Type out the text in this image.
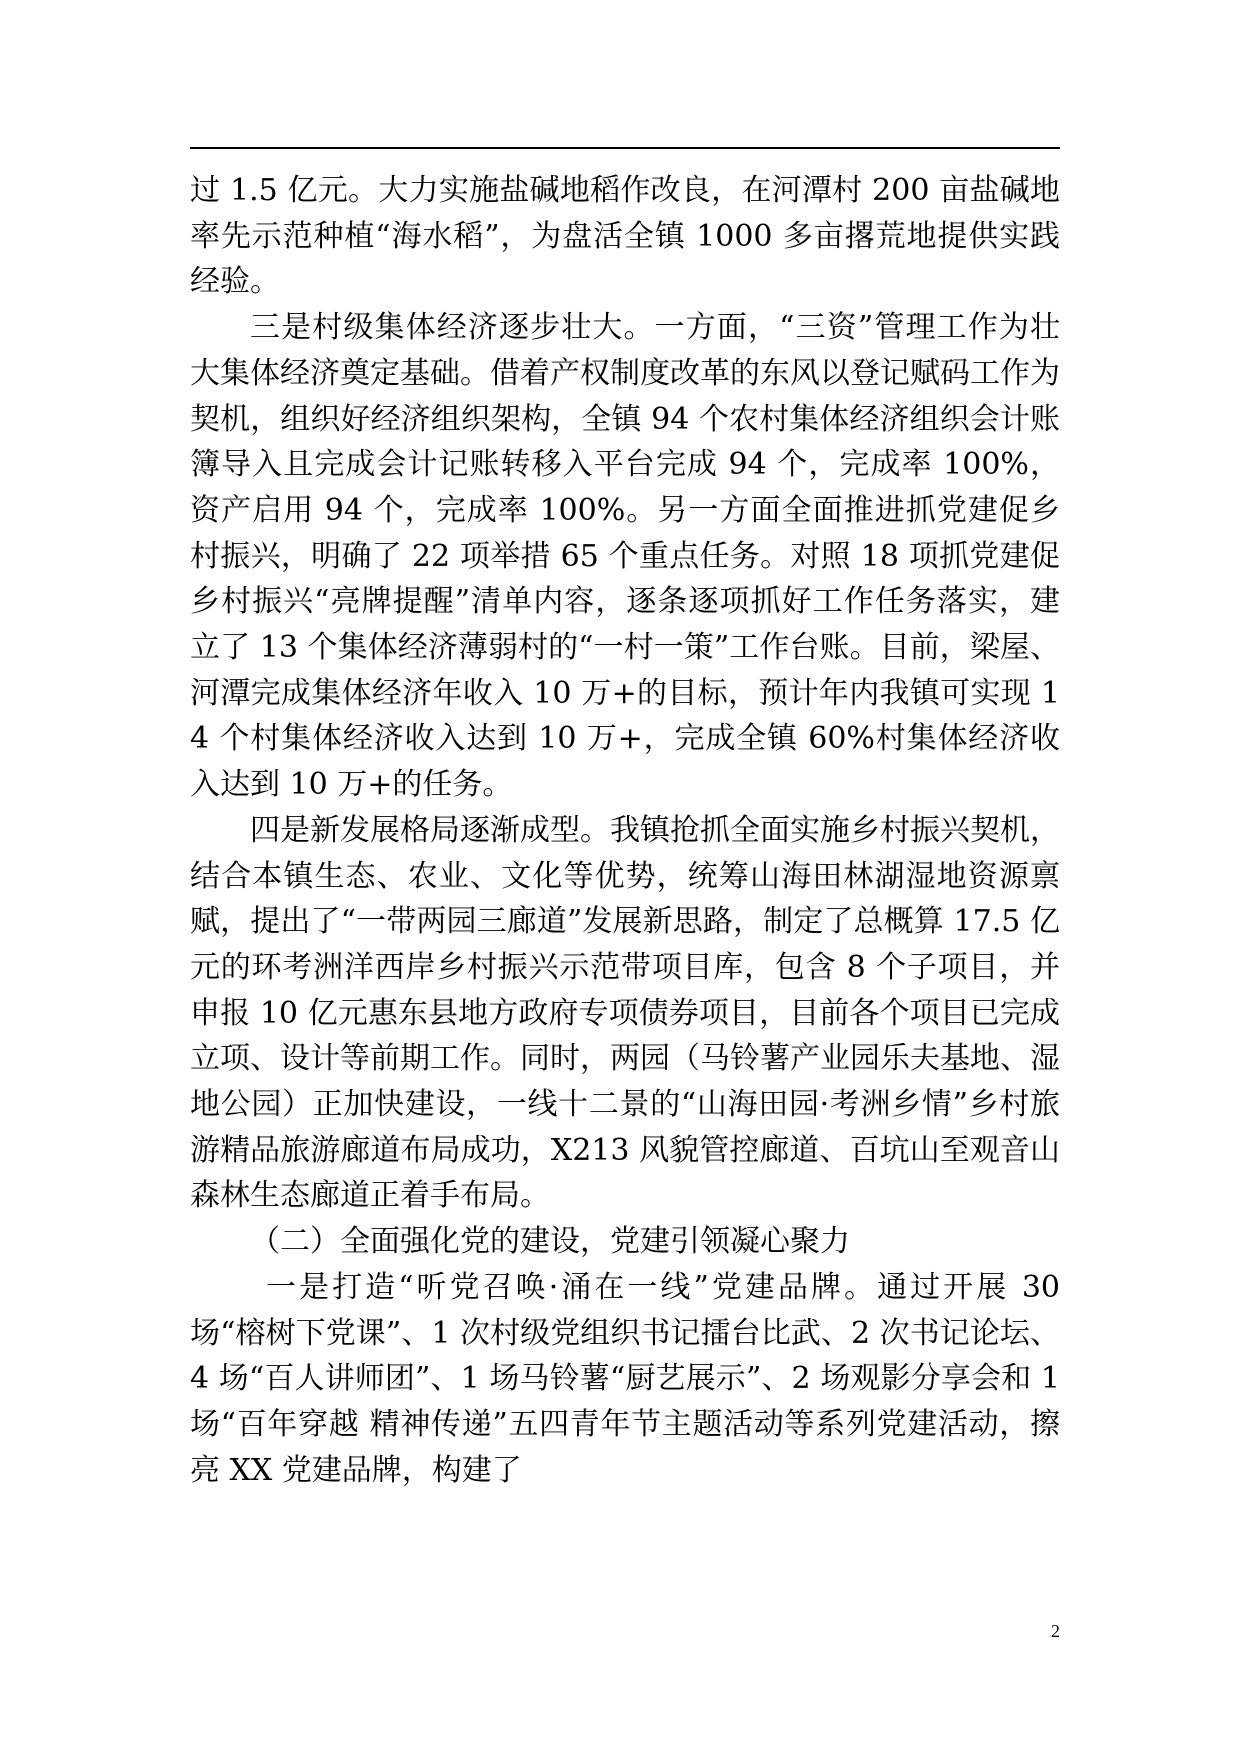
过 1.5 亿元。大力实施盐碱地稻作改良，在河潭村 200 亩盐碱地率先示范种植“海水稻”，为盘活全镇 1000 多亩撂荒地提供实践经验。

三是村级集体经济逐步壮大。一方面，“三资”管理工作为壮大集体经济奠定基础。借着产权制度改革的东风以登记赋码工作为契机，组织好经济组织架构，全镇 94 个农村集体经济组织会计账簿导入且完成会计记账转移入平台完成 94 个，完成率 100%，资产启用 94 个，完成率 100%。另一方面全面推进抓党建促乡村振兴，明确了 22 项举措 65 个重点任务。对照 18 项抓党建促乡村振兴“亮牌提醒”清单内容，逐条逐项抓好工作任务落实，建立了 13 个集体经济薄弱村的“一村一策”工作台账。目前，梁屋、河潭完成集体经济年收入 10 万+的目标，预计年内我镇可实现 14 个村集体经济收入达到 10 万+，完成全镇 60%村集体经济收入达到 10 万+的任务。

四是新发展格局逐渐成型。我镇抢抓全面实施乡村振兴契机，结合本镇生态、农业、文化等优势，统筹山海田林湖湿地资源禀赋，提出了“一带两园三廊道”发展新思路，制定了总概算 17.5 亿元的环考洲洋西岸乡村振兴示范带项目库，包含 8 个子项目，并申报 10 亿元惠东县地方政府专项债券项目，目前各个项目已完成立项、设计等前期工作。同时，两园（马铃薯产业园乐夫基地、湿地公园）正加快建设，一线十二景的“山海田园·考洲乡情”乡村旅游精品旅游廊道布局成功，X213 风貌管控廊道、百坑山至观音山森林生态廊道正着手布局。

（二）全面强化党的建设，党建引领凝心聚力

一是打造“听党召唤·涌在一线”党建品牌。通过开展 30 场“榕树下党课”、1 次村级党组织书记擂台比武、2 次书记论坛、4 场“百人讲师团”、1 场马铃薯“厨艺展示”、2 场观影分享会和 1 场“百年穿越 精神传递”五四青年节主题活动等系列党建活动，擦亮 XX 党建品牌，构建了

2
